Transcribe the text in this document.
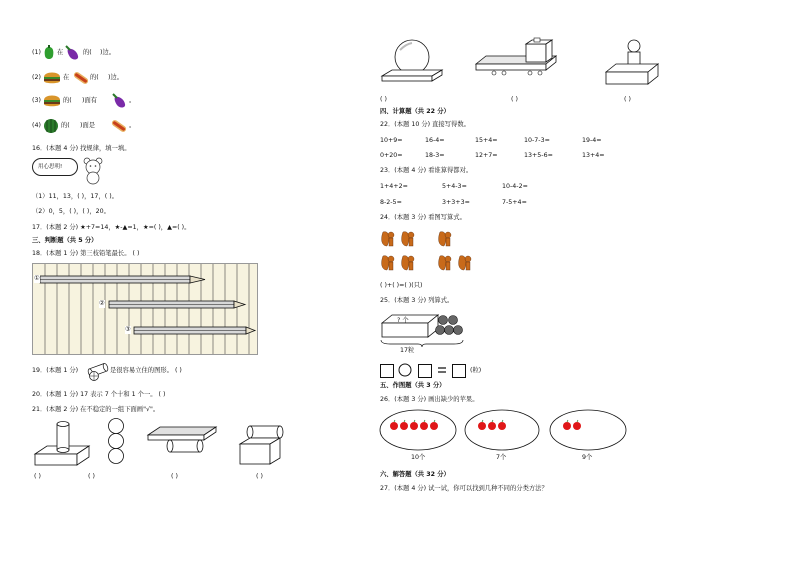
(1)	在	的( )边。
(2)	在	的( )边。
(3)	的( )面有	。
(4)	的( )面是	。
16．(本题 4 分) 找规律，填一填。
用心思明!
（1）11，13，( )，17，( )。
（2）0，5，( )，( )，20。
17．(本题 2 分) ★+7=14，★-▲=1，★=( )，▲=( )。
三、判断题（共 5 分）
18．(本题 1 分) 第三枝铅笔最长。 ( )
①
②
③
19．(本题 1 分)	是很容易立住的图形。 ( )
20．(本题 1 分) 17 表示 7 个十和 1 个一。 ( )
21．(本题 2 分) 在不稳定的一组下面画"√"。
( )	( )	( )	( )
( )	( )	( )
四、计算题（共 22 分）
22．(本题 10 分) 直接写得数。
10+9=	16-4=	15+4=	10-7-3=	19-4=
0+20=	18-3=	12+7=	13+5-6=	13+4=
23．(本题 4 分) 看谁算得都对。
1+4+2=	5+4-3=	10-4-2=
8-2-5=	3+3+3=	7-5+4=
24．(本题 3 分) 看图写算式。
( )+( )=( )(只)
25．(本题 3 分) 列算式。
? 个
17粒
(粒)
五、作图题（共 3 分）
26．(本题 3 分) 画出缺少的苹果。
10个	7个	9个
六、解答题（共 32 分）
27．(本题 4 分) 试一试，你可以找到几种不同的分类方法？
